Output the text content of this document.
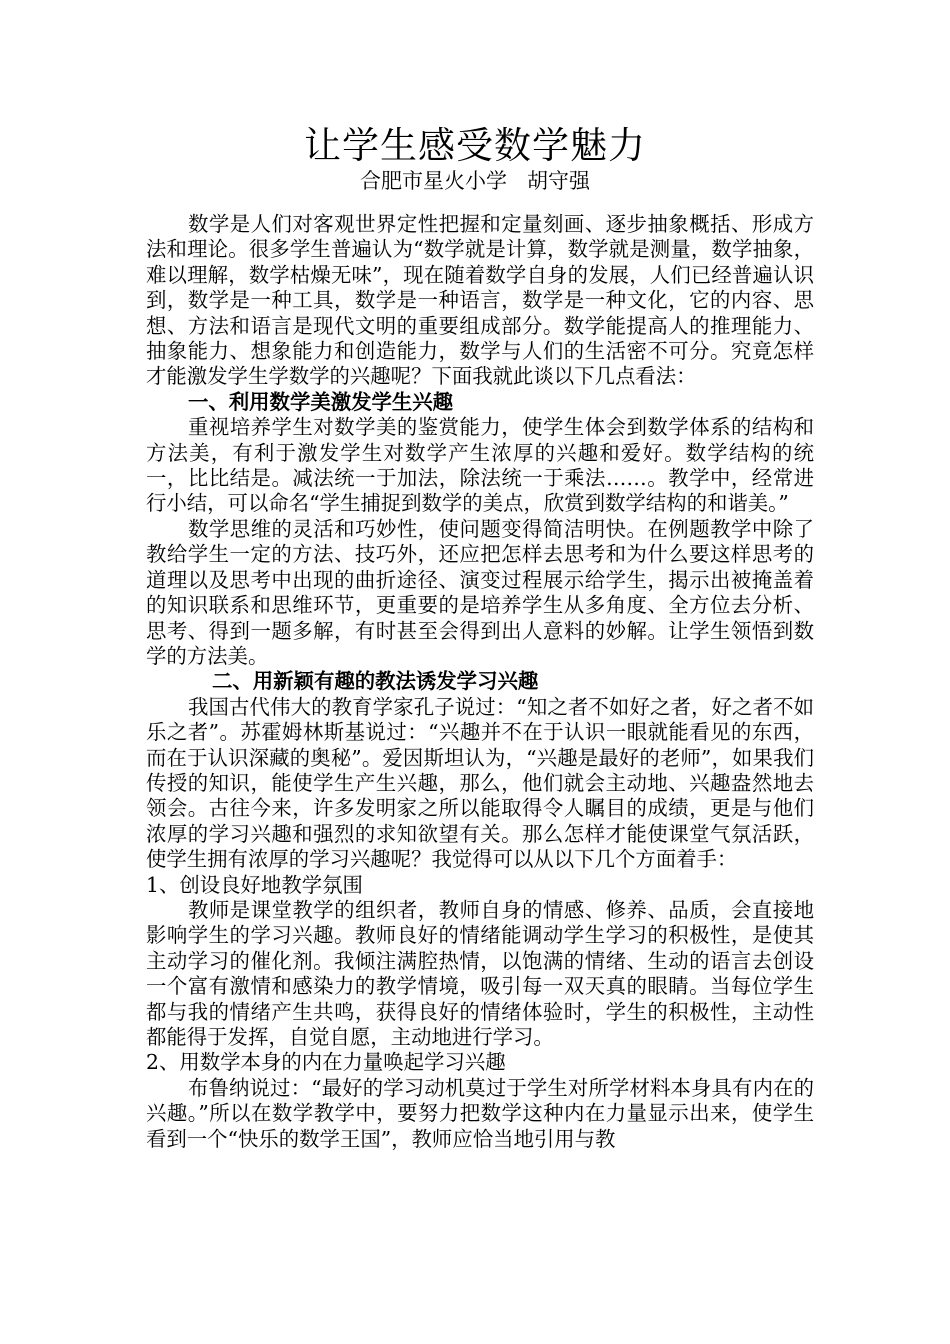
让学生感受数学魅力
合肥市星火小学   胡守强

数学是人们对客观世界定性把握和定量刻画、逐步抽象概括、形成方法和理论。很多学生普遍认为“数学就是计算，数学就是测量，数学抽象，难以理解，数学枯燥无味”，现在随着数学自身的发展，人们已经普遍认识到，数学是一种工具，数学是一种语言，数学是一种文化，它的内容、思想、方法和语言是现代文明的重要组成部分。数学能提高人的推理能力、抽象能力、想象能力和创造能力，数学与人们的生活密不可分。究竟怎样才能激发学生学数学的兴趣呢？下面我就此谈以下几点看法：

一、利用数学美激发学生兴趣

重视培养学生对数学美的鉴赏能力，使学生体会到数学体系的结构和方法美，有利于激发学生对数学产生浓厚的兴趣和爱好。数学结构的统一，比比结是。减法统一于加法，除法统一于乘法……。教学中，经常进行小结，可以命名“学生捕捉到数学的美点，欣赏到数学结构的和谐美。”

数学思维的灵活和巧妙性，使问题变得简洁明快。在例题教学中除了教给学生一定的方法、技巧外，还应把怎样去思考和为什么要这样思考的道理以及思考中出现的曲折途径、演变过程展示给学生，揭示出被掩盖着的知识联系和思维环节，更重要的是培养学生从多角度、全方位去分析、思考、得到一题多解，有时甚至会得到出人意料的妙解。让学生领悟到数学的方法美。

二、用新颖有趣的教法诱发学习兴趣

我国古代伟大的教育学家孔子说过：“知之者不如好之者，好之者不如乐之者”。苏霍姆林斯基说过：“兴趣并不在于认识一眼就能看见的东西，而在于认识深藏的奥秘”。爱因斯坦认为，“兴趣是最好的老师”，如果我们传授的知识，能使学生产生兴趣，那么，他们就会主动地、兴趣盎然地去领会。古往今来，许多发明家之所以能取得令人瞩目的成绩，更是与他们浓厚的学习兴趣和强烈的求知欲望有关。那么怎样才能使课堂气氛活跃，使学生拥有浓厚的学习兴趣呢？我觉得可以从以下几个方面着手：

1、创设良好地教学氛围

教师是课堂教学的组织者，教师自身的情感、修养、品质，会直接地影响学生的学习兴趣。教师良好的情绪能调动学生学习的积极性，是使其主动学习的催化剂。我倾注满腔热情，以饱满的情绪、生动的语言去创设一个富有激情和感染力的教学情境，吸引每一双天真的眼睛。当每位学生都与我的情绪产生共鸣，获得良好的情绪体验时，学生的积极性，主动性都能得于发挥，自觉自愿，主动地进行学习。

2、用数学本身的内在力量唤起学习兴趣

布鲁纳说过：“最好的学习动机莫过于学生对所学材料本身具有内在的兴趣。”所以在数学教学中，要努力把数学这种内在力量显示出来，使学生看到一个“快乐的数学王国”，教师应恰当地引用与教
